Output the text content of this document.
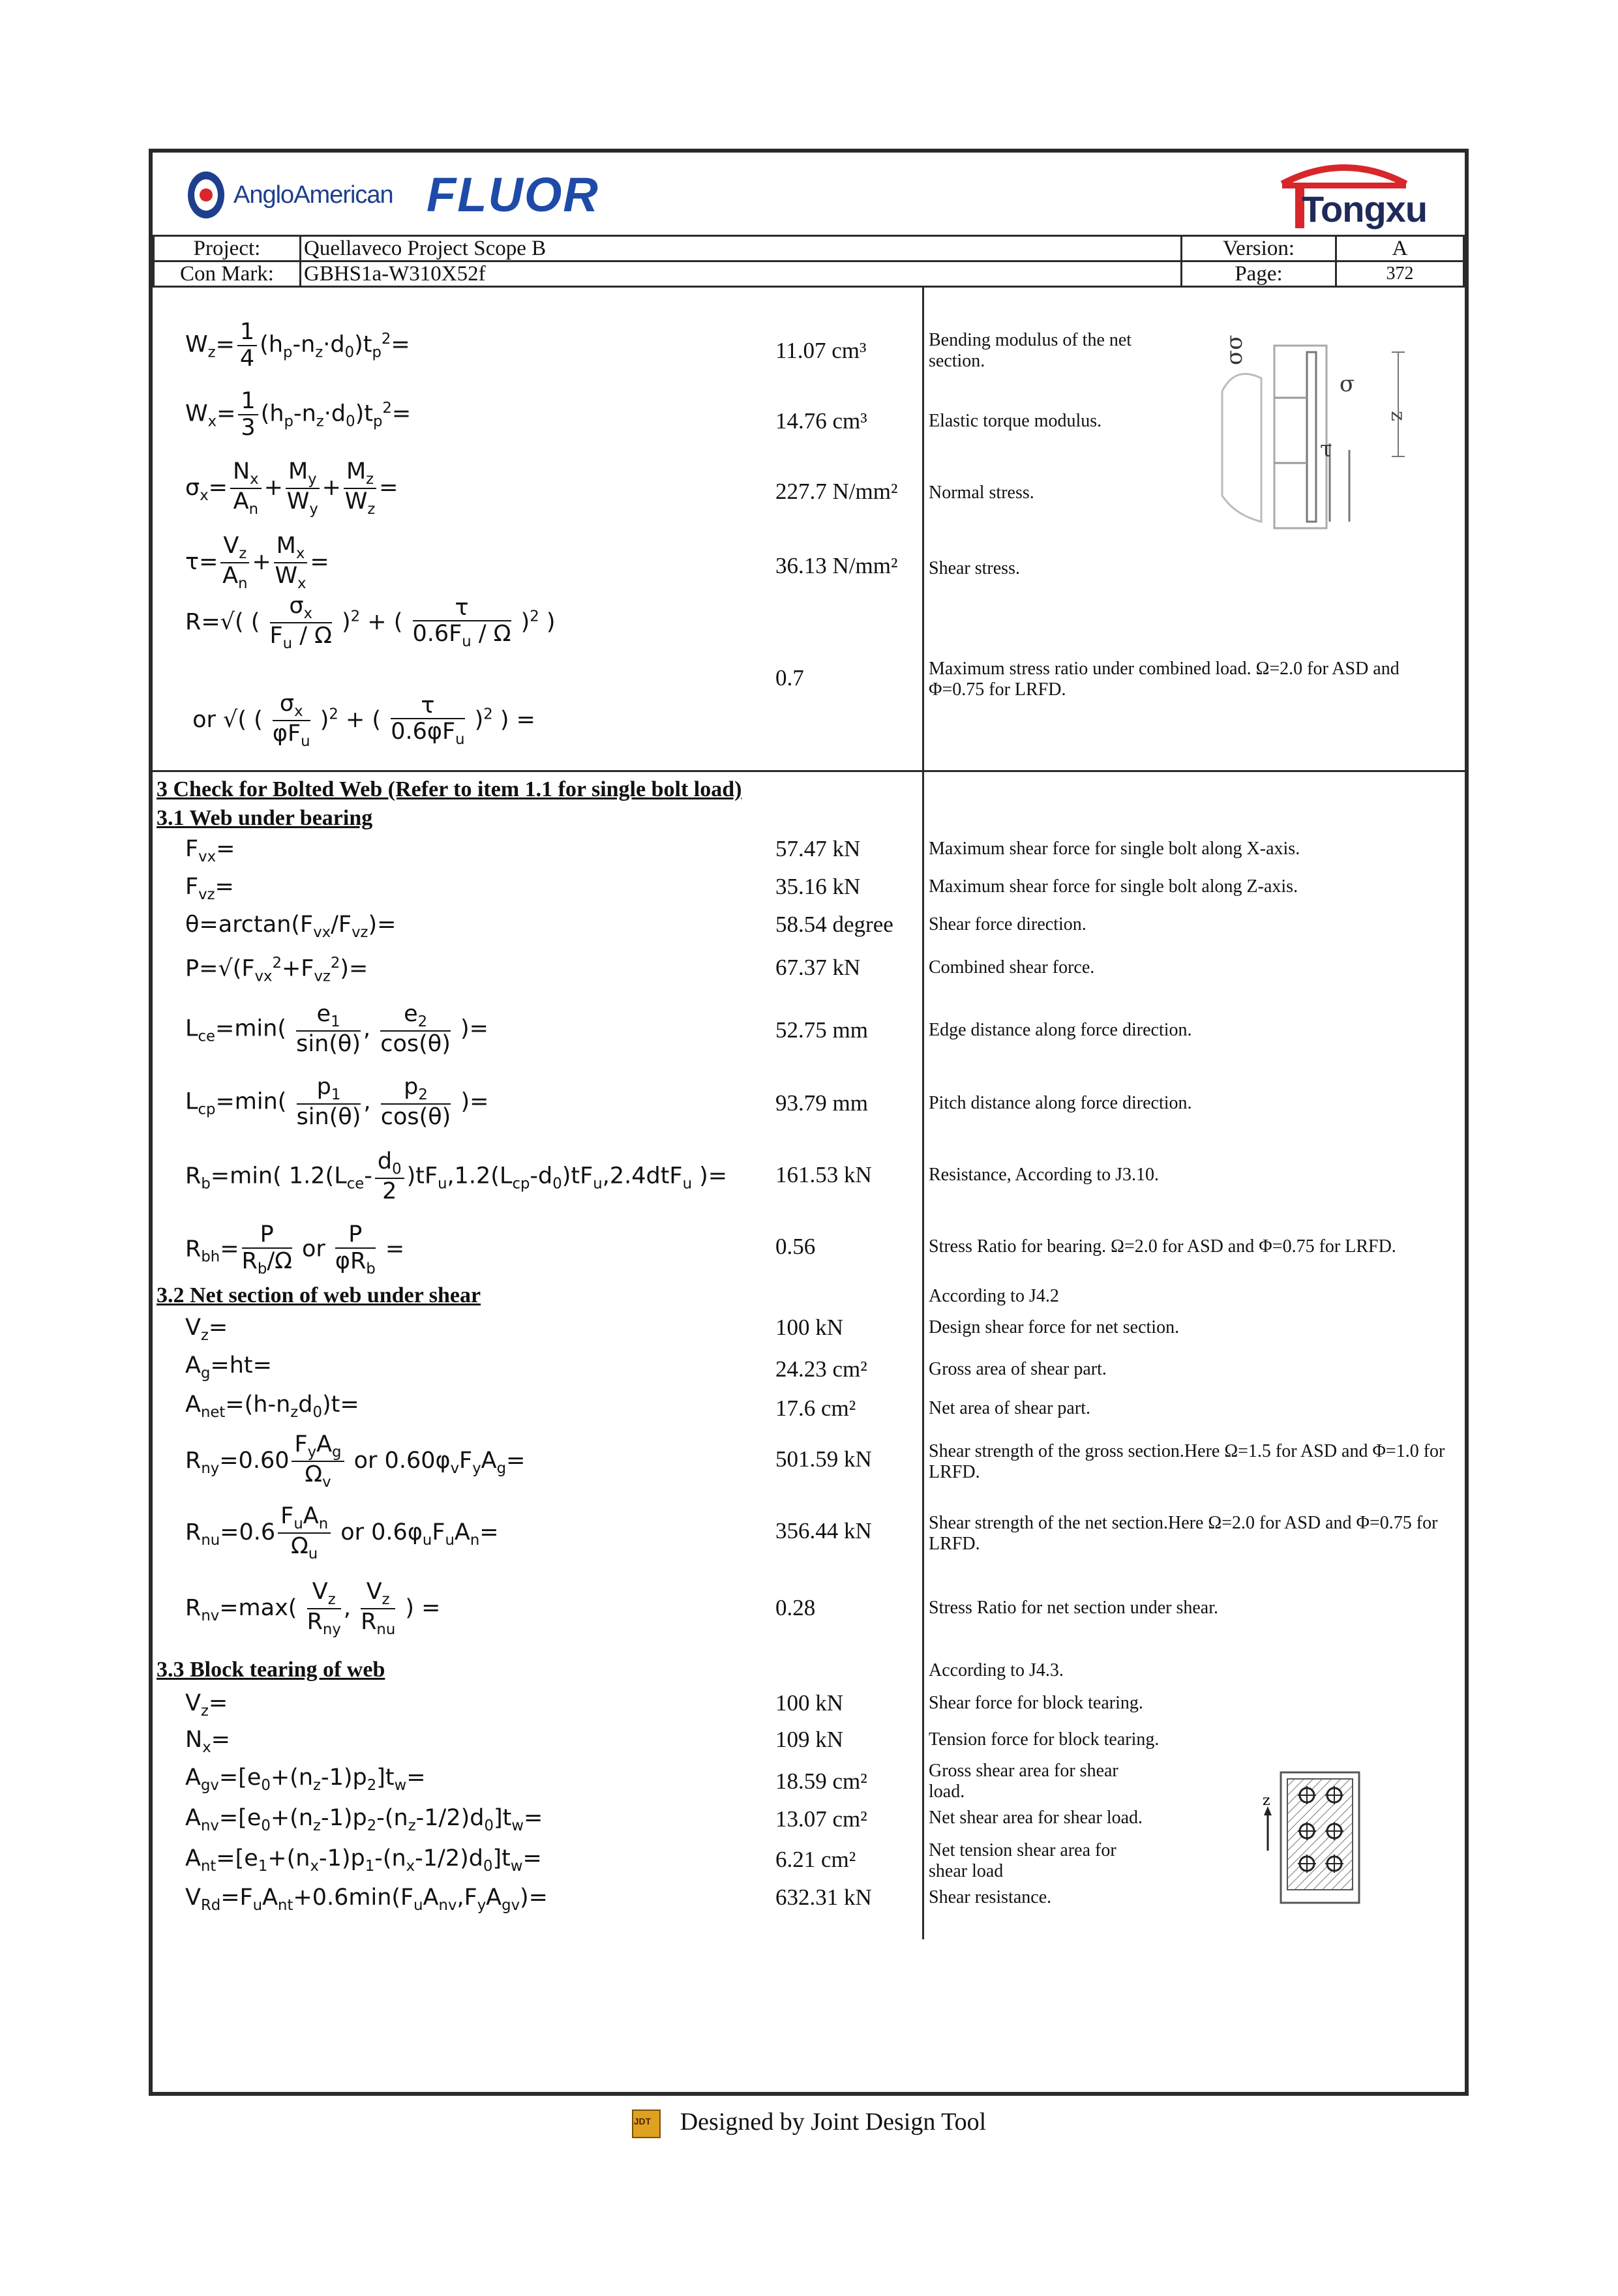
AngloAmerican FLUOR	Tongxu
Project:	Quellaveco Project Scope B	Version:	A
Con Mark:	GBHS1a-W310X52f	Page:	372
$W_z= \frac{1}{4} (h_p-n_z\cdot d_0)t_p^2=$	11.07 cm³	Bending modulus of the net section.
$W_x= \frac{1}{3} (h_p-n_z\cdot d_0)t_p^2=$	14.76 cm³	Elastic torque modulus.
$\sigma_x= \frac{N_x}{A_n} + \frac{M_y}{W_y} + \frac{M_z}{W_z}$ =	227.7 N/mm² Normal stress.
$\tau= \frac{V_z}{A_n} + \frac{M_x}{W_x}$ =	36.13 N/mm² Shear stress.
z
σ
τ
σσ
R=√( ( $\frac{\sigma_x}{F_u / \Omega} )^2$ + ( $\frac{\tau}{0.6F_u / \Omega} )^2$ )
or √( ( $\frac{\sigma_x}{\varphi F_u} )^2$ + ( $\frac{\tau}{0.6\varphi F_u} )^2$ ) =
0.7	Maximum stress ratio under combined load. Ω=2.0 for ASD and Φ=0.75 for LRFD.
3 Check for Bolted Web (Refer to item 1.1 for single bolt load)
3.1 Web under bearing
$F_{vx}=$	57.47 kN	Maximum shear force for single bolt along X-axis.
$F_{vz}=$	35.16 kN	Maximum shear force for single bolt along Z-axis.
$\theta=\arctan(F_{vx}/F_{vz})=$	58.54 degree Shear force direction.
$P=√(F_{vx}^2+F_{vz}^2)=$	67.37 kN	Combined shear force.
$L_{ce}=\min( \frac{e_1}{\sin(\theta)}$ , $\frac{e_2}{\cos(\theta)}$ )=	52.75 mm	Edge distance along force direction.
$L_{cp}=\min( \frac{p_1}{\sin(\theta)}$ , $\frac{p_2}{\cos(\theta)}$ )=	93.79 mm	Pitch distance along force direction.
$R_b=\min$( $1.2(L_{ce}- \frac{d_0}{2} )tF_u,1.2(L_{cp}-d_0)tF_u,2.4dtF_u$ )= 161.53 kN	Resistance, According to J3.10.
$R_{bh}= \frac{P}{R_b/\Omega}$ or $\frac{P}{\varphi R_b}$ =	0.56	Stress Ratio for bearing. Ω=2.0 for ASD and Φ=0.75 for LRFD.
3.2 Net section of web under shear	According to J4.2
$V_z=$	100 kN	Design shear force for net section.
$A_g=ht=$	24.23 cm²	Gross area of shear part.
$A_{net}=(h-n_zd_0)t=$	17.6 cm²	Net area of shear part.
$R_{ny}=0.60 \frac{F_yA_g}{\Omega_v}$ or $0.60\varphi_vF_yA_g=$	501.59 kN	Shear strength of the gross section.Here Ω=1.5 for ASD and Φ=1.0 for LRFD.
$R_{nu}=0.6 \frac{F_uA_n}{\Omega_u}$ or $0.6\varphi_uF_uA_n=$	356.44 kN	Shear strength of the net section.Here Ω=2.0 for ASD and Φ=0.75 for LRFD.
$R_{nv}=\max( \frac{V_z}{R_{ny}}$ , $\frac{V_z}{R_{nu}}$ ) =	0.28	Stress Ratio for net section under shear.
3.3 Block tearing of web	According to J4.3.
$V_z=$	100 kN	Shear force for block tearing.
$N_x=$	109 kN	Tension force for block tearing.
$A_{gv}=[e_0+(n_z-1)p_2]t_w=$	18.59 cm²	Gross shear area for shear load.
$A_{nv}=[e_0+(n_z-1)p_2-(n_z-1/2)d_0]t_w=$	13.07 cm²	Net shear area for shear load.
$A_{nt}=[e_1+(n_x-1)p_1-(n_x-1/2)d_0]t_w=$	6.21 cm²	Net tension shear area for shear load
$V_{Rd}=F_uA_{nt}+0.6\min(F_uA_{nv},F_yA_{gv})=$	632.31 kN	Shear resistance.
z
JDTDesigned by Joint Design Tool
